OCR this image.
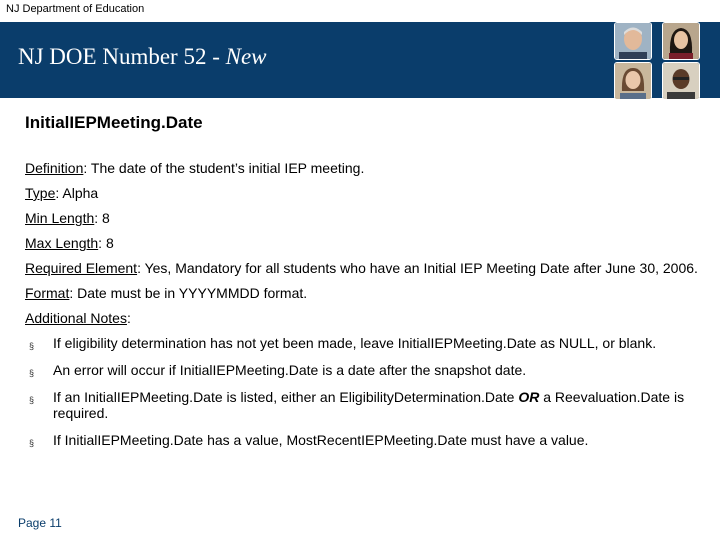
NJ Department of Education
NJ DOE Number 52 - New
InitialIEPMeeting.Date
Definition: The date of the student’s initial IEP meeting.
Type: Alpha
Min Length: 8
Max Length: 8
Required Element: Yes, Mandatory for all students who have an Initial IEP Meeting Date after June 30, 2006.
Format: Date must be in YYYYMMDD format.
Additional Notes:
§ If eligibility determination has not yet been made, leave InitialIEPMeeting.Date as NULL, or blank.
§ An error will occur if InitialIEPMeeting.Date is a date after the snapshot date.
§ If an InitialIEPMeeting.Date is listed, either an EligibilityDetermination.Date OR a Reevaluation.Date is required.
§ If InitialIEPMeeting.Date has a value, MostRecentIEPMeeting.Date must have a value.
Page 11
